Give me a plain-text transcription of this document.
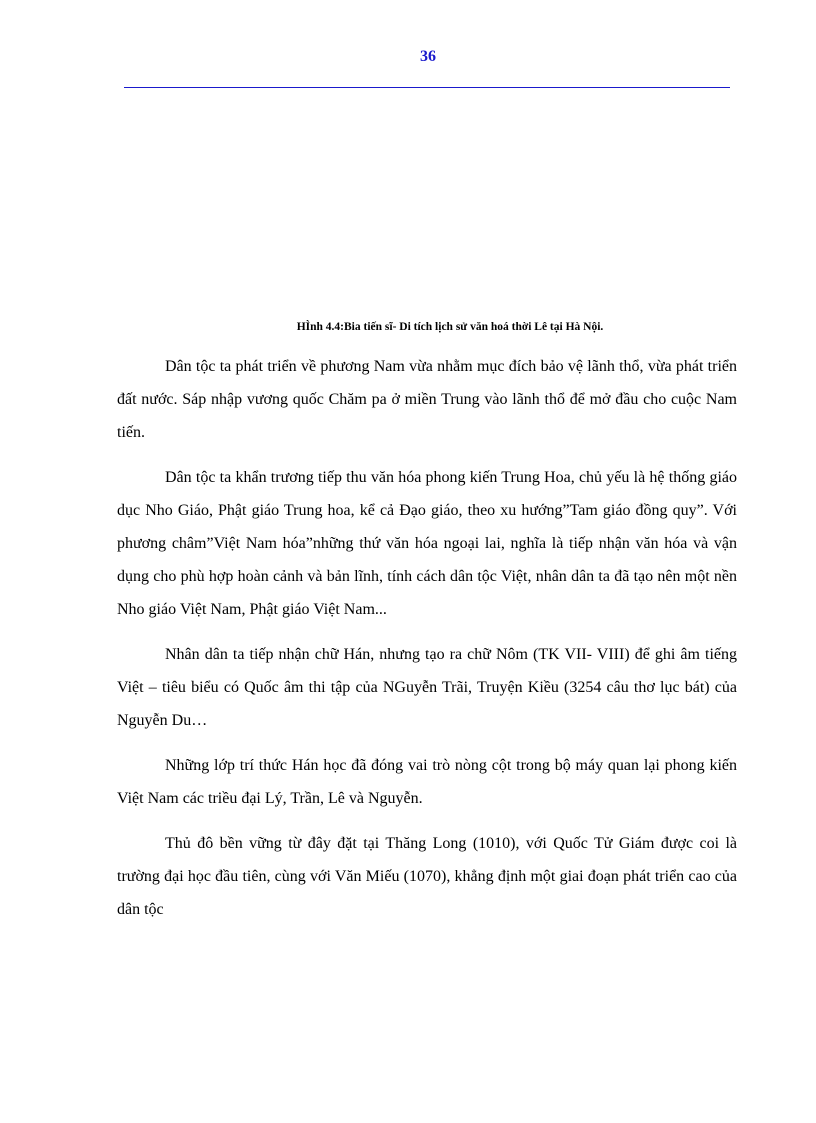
36
HÌnh 4.4:Bia tiến sĩ- Di tích lịch sử văn hoá thời Lê tại Hà Nội.

Dân tộc ta phát triển về phương Nam vừa nhằm mục đích bảo vệ lãnh thổ, vừa phát triển đất nước. Sáp nhập vương quốc Chăm pa ở miền Trung vào lãnh thổ để mở đầu cho cuộc Nam tiến.

Dân tộc ta khẩn trương tiếp thu văn hóa phong kiến Trung Hoa, chủ yếu là hệ thống giáo dục Nho Giáo, Phật giáo Trung hoa, kể cả Đạo giáo, theo xu hướng”Tam giáo đồng quy”. Với phương châm”Việt Nam hóa”những thứ văn hóa ngoại lai, nghĩa là tiếp nhận văn hóa và vận dụng cho phù hợp hoàn cảnh và bản lĩnh, tính cách dân tộc Việt, nhân dân ta đã tạo nên một nền Nho giáo Việt Nam, Phật giáo Việt Nam...

Nhân dân ta tiếp nhận chữ Hán, nhưng tạo ra chữ Nôm (TK VII- VIII) để ghi âm tiếng Việt – tiêu biểu có Quốc âm thi tập của NGuyễn Trãi, Truyện Kiều (3254 câu thơ lục bát) của Nguyễn Du…

Những lớp trí thức Hán học đã đóng vai trò nòng cột trong bộ máy quan lại phong kiến Việt Nam các triều đại Lý, Trần, Lê và Nguyễn.

Thủ đô bền vững từ đây đặt tại Thăng Long (1010), với Quốc Tử Giám được coi là trường đại học đầu tiên, cùng với Văn Miếu (1070), khẳng định một giai đoạn phát triển cao của dân tộc
